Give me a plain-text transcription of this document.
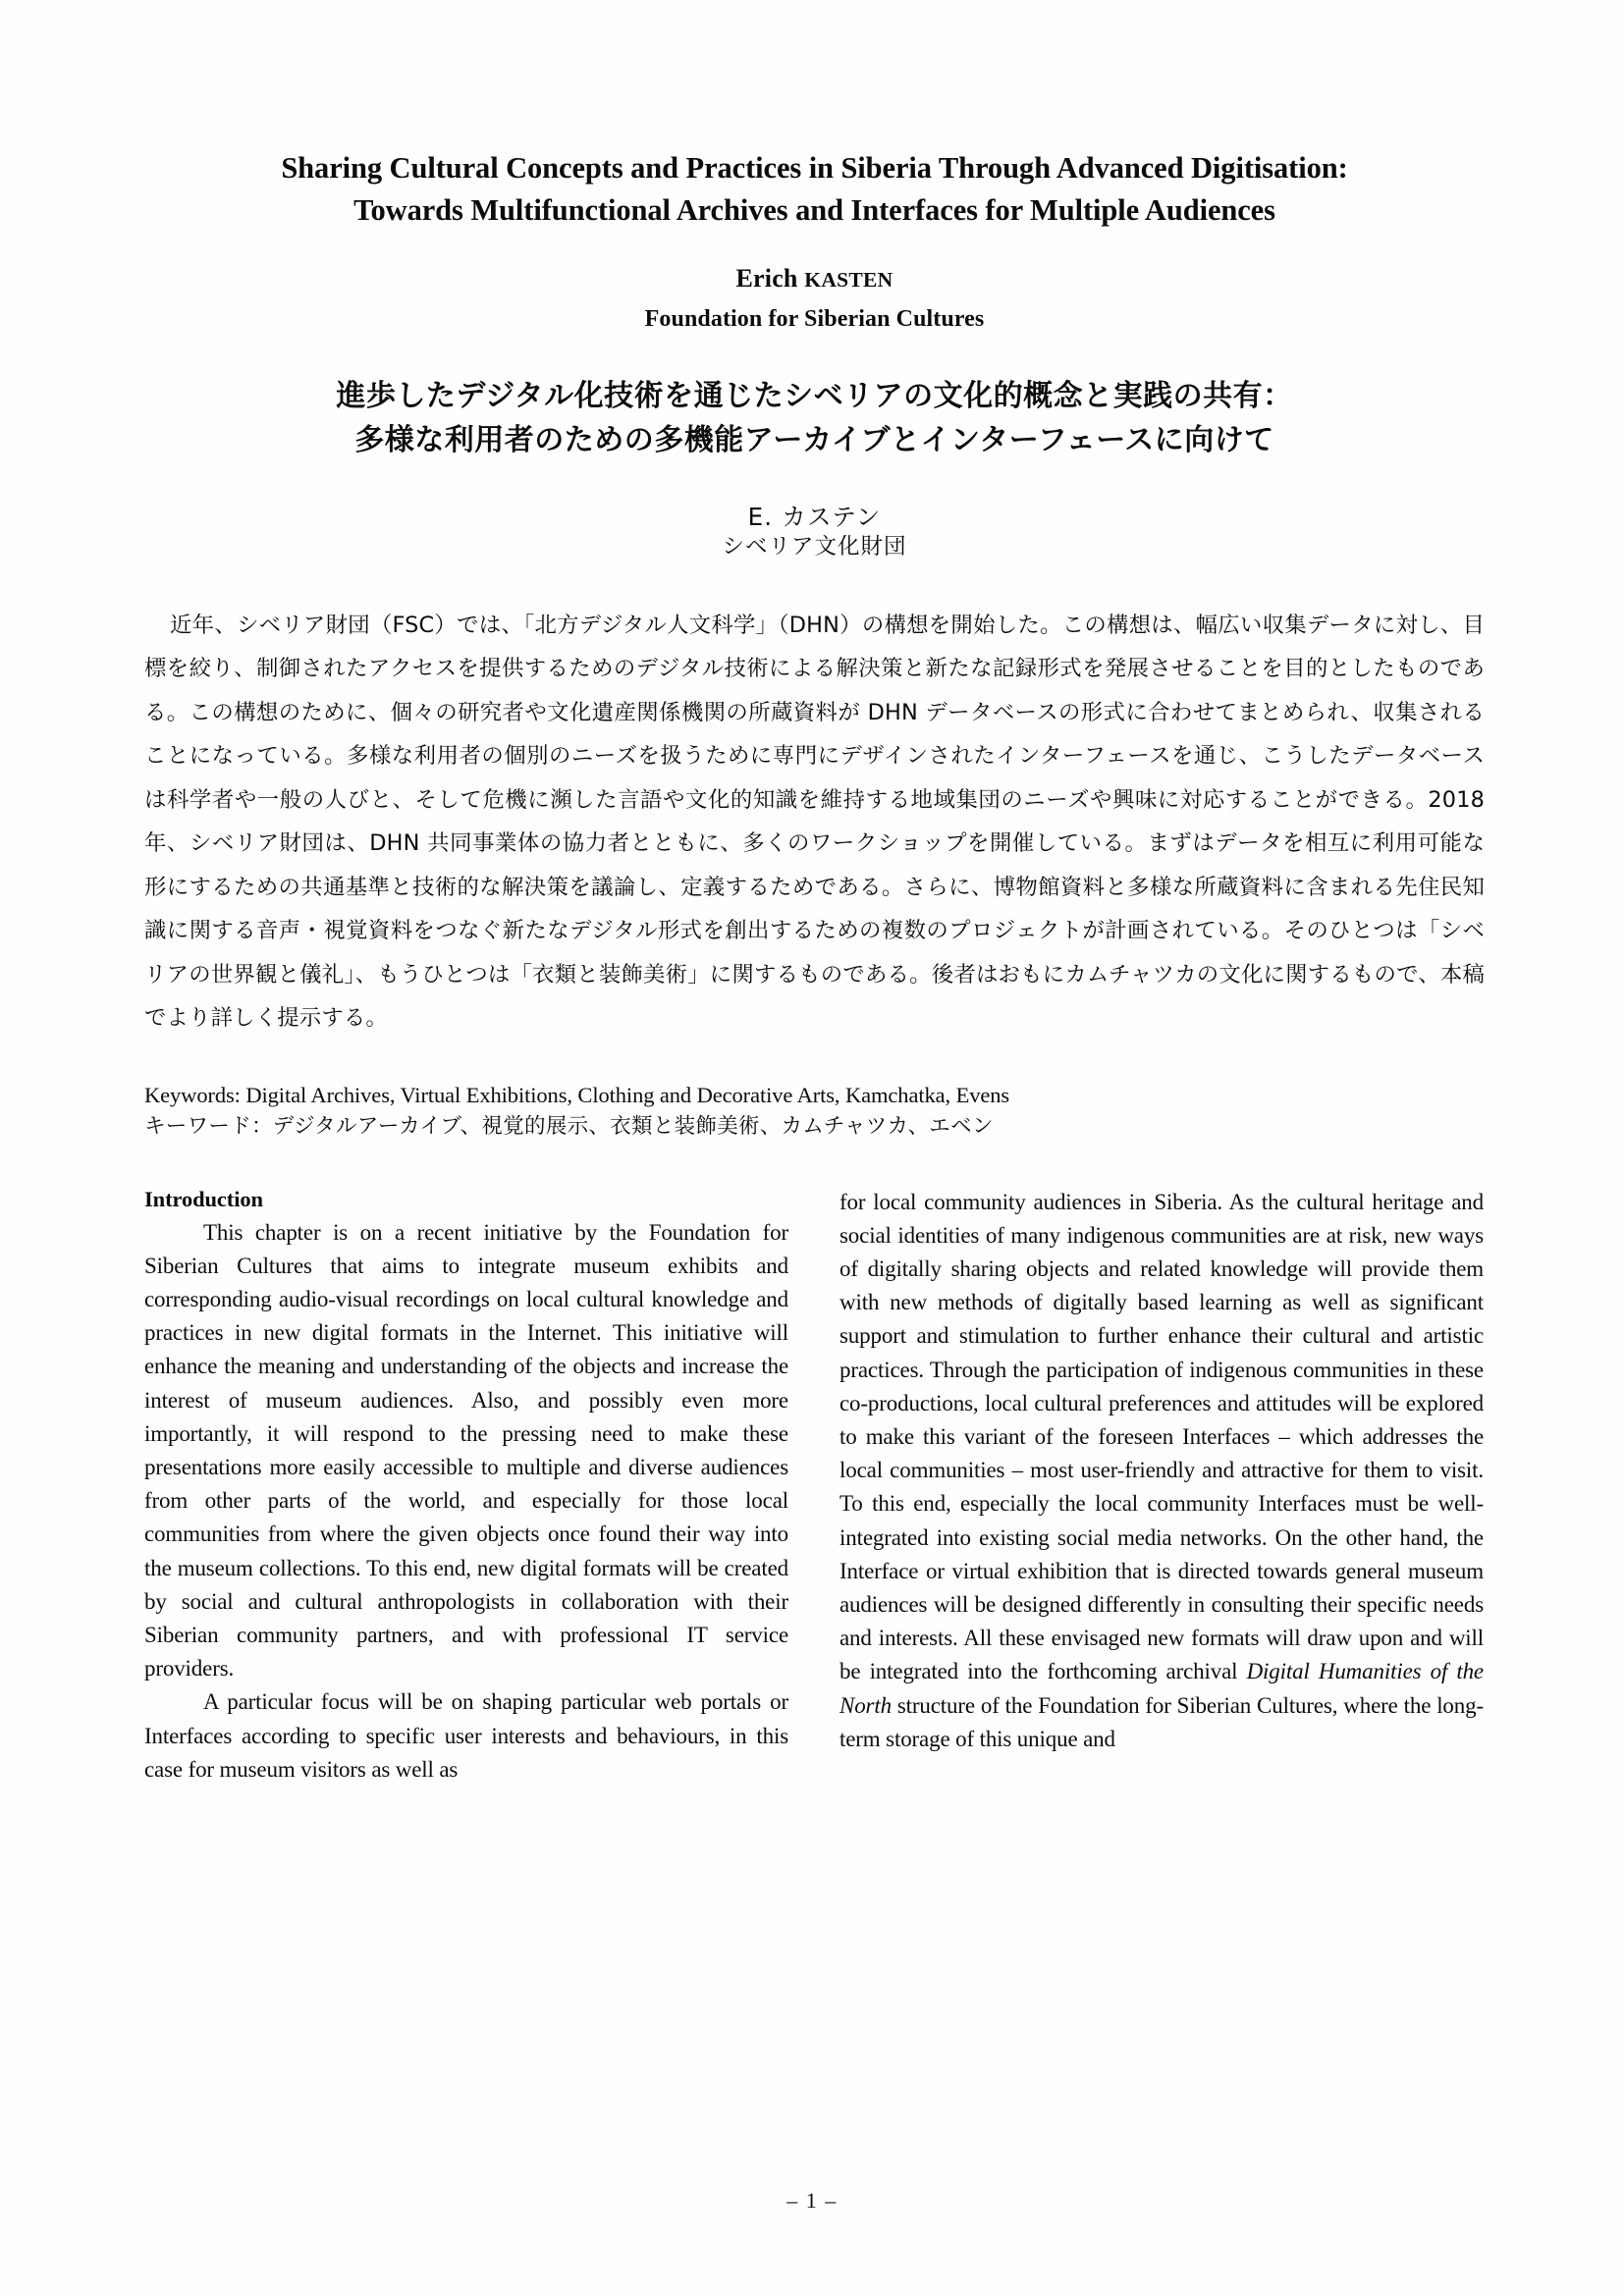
Sharing Cultural Concepts and Practices in Siberia Through Advanced Digitisation:
Towards Multifunctional Archives and Interfaces for Multiple Audiences
Erich KASTEN
Foundation for Siberian Cultures
進歩したデジタル化技術を通じたシベリアの文化的概念と実践の共有：
多様な利用者のための多機能アーカイブとインターフェースに向けて
E. カステン
シベリア文化財団
近年、シベリア財団（FSC）では、「北方デジタル人文科学」（DHN）の構想を開始した。この構想は、幅広い収集データに対し、目標を絞り、制御されたアクセスを提供するためのデジタル技術による解決策と新たな記録形式を発展させることを目的としたものである。この構想のために、個々の研究者や文化遺産関係機関の所蔵資料が DHN データベースの形式に合わせてまとめられ、収集されることになっている。多様な利用者の個別のニーズを扱うために専門にデザインされたインターフェースを通じ、こうしたデータベースは科学者や一般の人びと、そして危機に瀕した言語や文化的知識を維持する地域集団のニーズや興味に対応することができる。2018 年、シベリア財団は、DHN 共同事業体の協力者とともに、多くのワークショップを開催している。まずはデータを相互に利用可能な形にするための共通基準と技術的な解決策を議論し、定義するためである。さらに、博物館資料と多様な所蔵資料に含まれる先住民知識に関する音声・視覚資料をつなぐ新たなデジタル形式を創出するための複数のプロジェクトが計画されている。そのひとつは「シベリアの世界観と儀礼」、もうひとつは「衣類と装飾美術」に関するものである。後者はおもにカムチャツカの文化に関するもので、本稿でより詳しく提示する。
Keywords: Digital Archives, Virtual Exhibitions, Clothing and Decorative Arts, Kamchatka, Evens
キーワード：デジタルアーカイブ、視覚的展示、衣類と装飾美術、カムチャツカ、エベン
Introduction

This chapter is on a recent initiative by the Foundation for Siberian Cultures that aims to integrate museum exhibits and corresponding audio-visual recordings on local cultural knowledge and practices in new digital formats in the Internet. This initiative will enhance the meaning and understanding of the objects and increase the interest of museum audiences. Also, and possibly even more importantly, it will respond to the pressing need to make these presentations more easily accessible to multiple and diverse audiences from other parts of the world, and especially for those local communities from where the given objects once found their way into the museum collections. To this end, new digital formats will be created by social and cultural anthropologists in collaboration with their Siberian community partners, and with professional IT service providers.

A particular focus will be on shaping particular web portals or Interfaces according to specific user interests and behaviours, in this case for museum visitors as well as

for local community audiences in Siberia. As the cultural heritage and social identities of many indigenous communities are at risk, new ways of digitally sharing objects and related knowledge will provide them with new methods of digitally based learning as well as significant support and stimulation to further enhance their cultural and artistic practices. Through the participation of indigenous communities in these co-productions, local cultural preferences and attitudes will be explored to make this variant of the foreseen Interfaces – which addresses the local communities – most user-friendly and attractive for them to visit. To this end, especially the local community Interfaces must be well-integrated into existing social media networks. On the other hand, the Interface or virtual exhibition that is directed towards general museum audiences will be designed differently in consulting their specific needs and interests. All these envisaged new formats will draw upon and will be integrated into the forthcoming archival Digital Humanities of the North structure of the Foundation for Siberian Cultures, where the long-term storage of this unique and

– 1 –
